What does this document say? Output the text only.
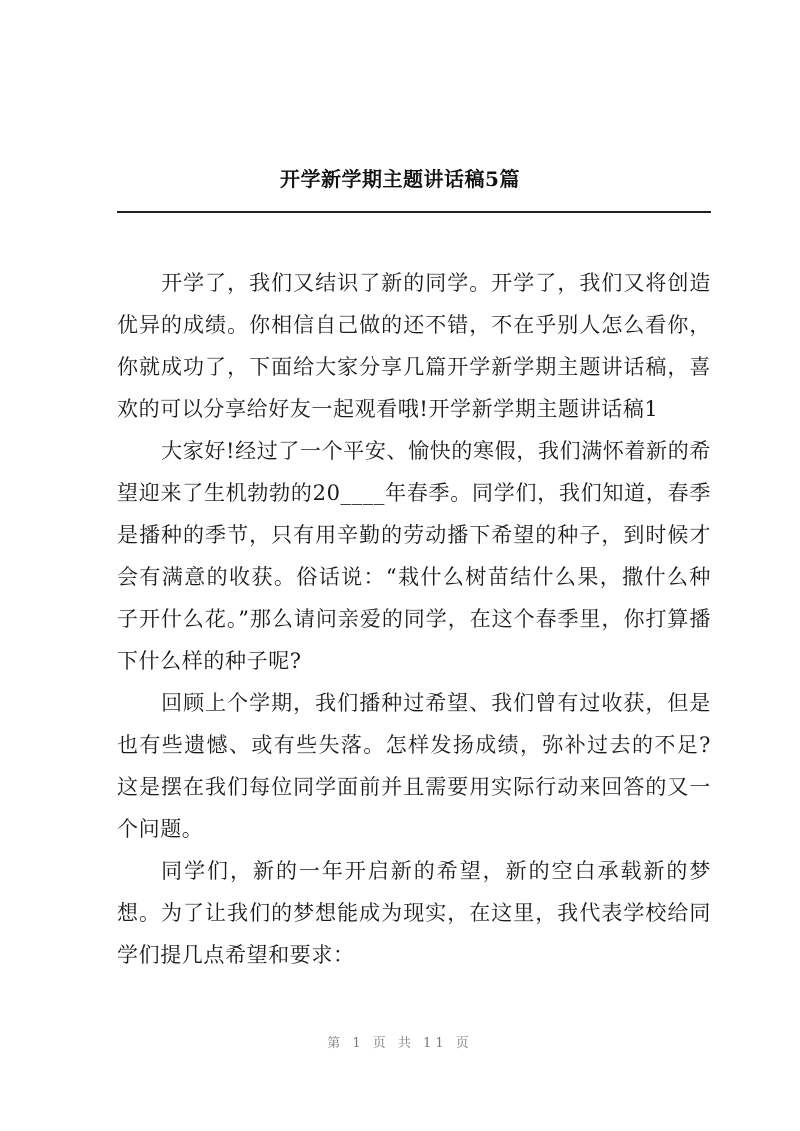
开学新学期主题讲话稿5篇

开学了，我们又结识了新的同学。开学了，我们又将创造优异的成绩。你相信自己做的还不错，不在乎别人怎么看你，你就成功了，下面给大家分享几篇开学新学期主题讲话稿，喜欢的可以分享给好友一起观看哦!开学新学期主题讲话稿1

大家好!经过了一个平安、愉快的寒假，我们满怀着新的希望迎来了生机勃勃的20____年春季。同学们，我们知道，春季是播种的季节，只有用辛勤的劳动播下希望的种子，到时候才会有满意的收获。俗话说：“栽什么树苗结什么果，撒什么种子开什么花。”那么请问亲爱的同学，在这个春季里，你打算播下什么样的种子呢?

回顾上个学期，我们播种过希望、我们曾有过收获，但是也有些遗憾、或有些失落。怎样发扬成绩，弥补过去的不足?这是摆在我们每位同学面前并且需要用实际行动来回答的又一个问题。

同学们，新的一年开启新的希望，新的空白承载新的梦想。为了让我们的梦想能成为现实，在这里，我代表学校给同学们提几点希望和要求：

第 1 页 共 11 页
